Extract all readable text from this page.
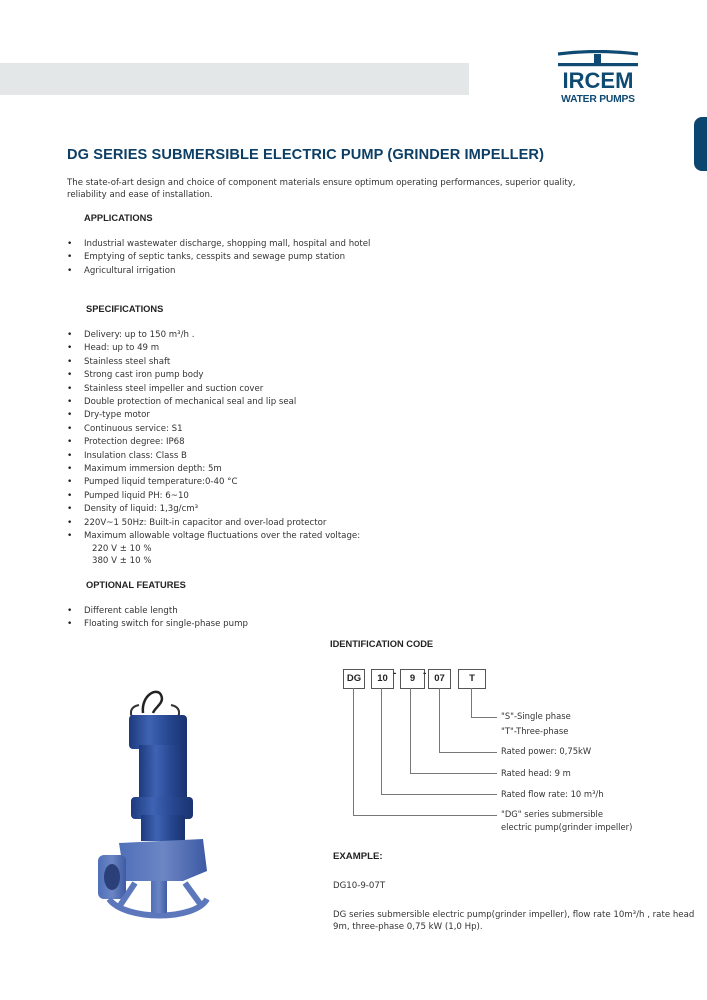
IRCEM
WATER PUMPS
DG SERIES SUBMERSIBLE ELECTRIC PUMP (GRINDER IMPELLER)
The state-of-art design and choice of component materials ensure optimum operating performances, superior quality, reliability and ease of installation.
APPLICATIONS
• Industrial wastewater discharge, shopping mall, hospital and hotel
• Emptying of septic tanks, cesspits and sewage pump station
• Agricultural irrigation
SPECIFICATIONS
• Delivery: up to 150 m³/h .
• Head: up to 49 m
• Stainless steel shaft
• Strong cast iron pump body
• Stainless steel impeller and suction cover
• Double protection of mechanical seal and lip seal
• Dry-type motor
• Continuous service: S1
• Protection degree: IP68
• Insulation class: Class B
• Maximum immersion depth: 5m
• Pumped liquid temperature:0-40 °C
• Pumped liquid PH: 6~10
• Density of liquid: 1,3g/cm³
• 220V~1 50Hz: Built-in capacitor and over-load protector
• Maximum allowable voltage fluctuations over the rated voltage:
220 V ± 10 %
380 V ± 10 %
OPTIONAL FEATURES
• Different cable length
• Floating switch for single-phase pump
IDENTIFICATION CODE
DG	10 -	9 - 07	T
"S"-Single phase
"T"-Three-phase
Rated power: 0,75kW
Rated head: 9 m
Rated flow rate: 10 m³/h
"DG" series submersible
electric pump(grinder impeller)
EXAMPLE:
DG10-9-07T
DG series submersible electric pump(grinder impeller), flow rate 10m³/h , rate head 9m, three-phase 0,75 kW (1,0 Hp).
